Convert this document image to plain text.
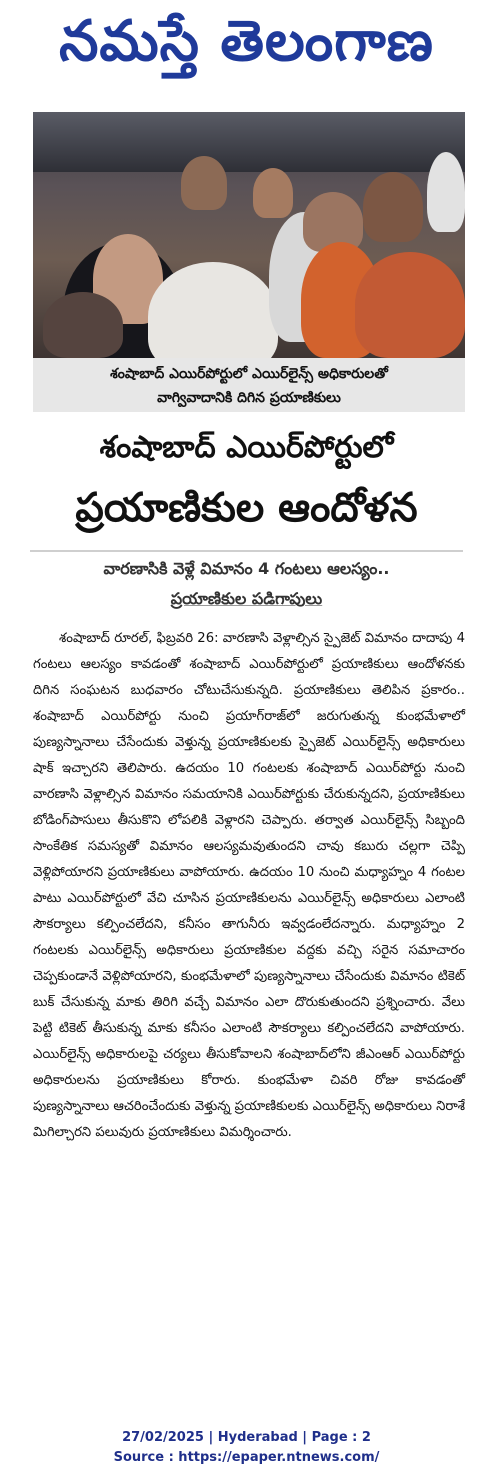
నమస్తే తెలంగాణ
శంషాబాద్ ఎయిర్‌పోర్టులో ఎయిర్‌లైన్స్ అధికారులతో
వాగ్వివాదానికి దిగిన ప్రయాణికులు
శంషాబాద్ ఎయిర్‌పోర్టులో
ప్రయాణికుల ఆందోళన
వారణాసికి వెళ్లే విమానం 4 గంటలు ఆలస్యం..
ప్రయాణికుల పడిగాపులు

శంషాబాద్ రూరల్, ఫిబ్రవరి 26: వారణాసి వెళ్లాల్సిన స్పైజెట్ విమానం దాదాపు 4 గంటలు ఆలస్యం కావడంతో శంషాబాద్ ఎయిర్‌పోర్టులో ప్రయాణికులు ఆందోళనకు దిగిన సంఘటన బుధవారం చోటుచేసుకున్నది. ప్రయాణికులు తెలిపిన ప్రకారం.. శంషాబాద్ ఎయిర్‌పోర్టు నుంచి ప్రయాగ్‌రాజ్‌లో జరుగుతున్న కుంభమేళాలో పుణ్యస్నానాలు చేసేందుకు వెళ్తున్న ప్రయాణికులకు స్పైజెట్ ఎయిర్‌లైన్స్ అధికారులు షాక్ ఇచ్చారని తెలిపారు. ఉదయం 10 గంటలకు శంషాబాద్ ఎయిర్‌పోర్టు నుంచి వారణాసి వెళ్లాల్సిన విమానం సమయానికి ఎయిర్‌పోర్టుకు చేరుకున్నదని, ప్రయాణికులు బోడింగ్‌పాసులు తీసుకొని లోపలికి వెళ్లారని చెప్పారు. తర్వాత ఎయిర్‌లైన్స్ సిబ్బంది సాంకేతిక సమస్యతో విమానం ఆలస్యమవుతుందని చావు కబురు చల్లగా చెప్పి వెళ్లిపోయారని ప్రయాణికులు వాపోయారు. ఉదయం 10 నుంచి మధ్యాహ్నం 4 గంటల పాటు ఎయిర్‌పోర్టులో వేచి చూసిన ప్రయాణికులను ఎయిర్‌లైన్స్ అధికారులు ఎలాంటి సౌకర్యాలు కల్పించలేదని, కనీసం తాగునీరు ఇవ్వడంలేదన్నారు. మధ్యాహ్నం 2 గంటలకు ఎయిర్‌లైన్స్ అధికారులు ప్రయాణికుల వద్దకు వచ్చి సరైన సమాచారం చెప్పకుండానే వెళ్లిపోయారని, కుంభమేళాలో పుణ్యస్నానాలు చేసేందుకు విమానం టికెట్ బుక్ చేసుకున్న మాకు తిరిగి వచ్చే విమానం ఎలా దొరుకుతుందని ప్రశ్నించారు. వేలు పెట్టి టికెట్ తీసుకున్న మాకు కనీసం ఎలాంటి సౌకర్యాలు కల్పించలేదని వాపోయారు. ఎయిర్‌లైన్స్ అధికారులపై చర్యలు తీసుకోవాలని శంషాబాద్‌లోని జీఎంఆర్ ఎయిర్‌పోర్టు అధికారులను ప్రయాణికులు కోరారు. కుంభమేళా చివరి రోజు కావడంతో పుణ్యస్నానాలు ఆచరించేందుకు వెళ్తున్న ప్రయాణికులకు ఎయిర్‌లైన్స్ అధికారులు నిరాశే మిగిల్చారని పలువురు ప్రయాణికులు విమర్శించారు.

27/02/2025 | Hyderabad | Page : 2
Source : https://epaper.ntnews.com/
